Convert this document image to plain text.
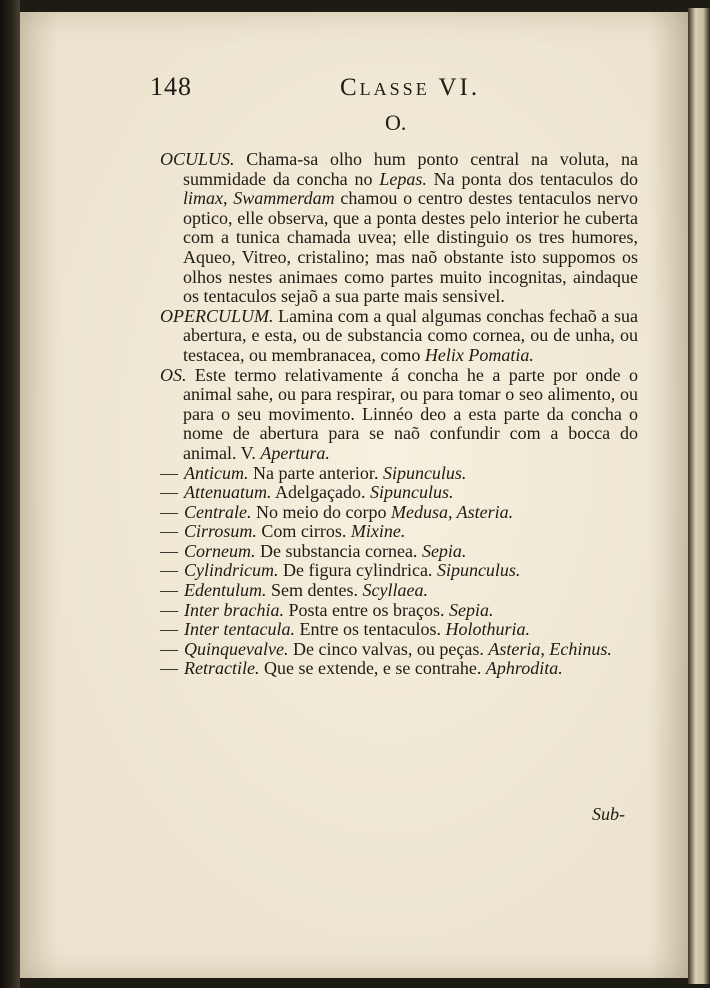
148	Classe VI.
O.

OCULUS. Chama-sa olho hum ponto central na voluta, na summidade da concha no Lepas. Na ponta dos tentaculos do limax, Swammerdam chamou o centro destes tentaculos nervo optico, elle observa, que a ponta destes pelo interior he cuberta com a tunica chamada uvea; elle distinguio os tres humores, Aqueo, Vitreo, cristalino; mas naõ obstante isto suppomos os olhos nestes animaes como partes muito incognitas, aindaque os tentaculos sejaõ a sua parte mais sensivel.

OPERCULUM. Lamina com a qual algumas conchas fechaõ a sua abertura, e esta, ou de substancia como cornea, ou de unha, ou testacea, ou membranacea, como Helix Pomatia.

OS. Este termo relativamente á concha he a parte por onde o animal sahe, ou para respirar, ou para tomar o seo alimento, ou para o seu movimento. Linnéo deo a esta parte da concha o nome de abertura para se naõ confundir com a bocca do animal. V. Apertura.

— Anticum. Na parte anterior. Sipunculus.

— Attenuatum. Adelgaçado. Sipunculus.

— Centrale. No meio do corpo Medusa, Asteria.

— Cirrosum. Com cirros. Mixine.

— Corneum. De substancia cornea. Sepia.

— Cylindricum. De figura cylindrica. Sipunculus.

— Edentulum. Sem dentes. Scyllaea.

— Inter brachia. Posta entre os braços. Sepia.

— Inter tentacula. Entre os tentaculos. Holothuria.

— Quinquevalve. De cinco valvas, ou peças. Asteria, Echinus.

— Retractile. Que se extende, e se contrahe. Aphrodita.

Sub-
